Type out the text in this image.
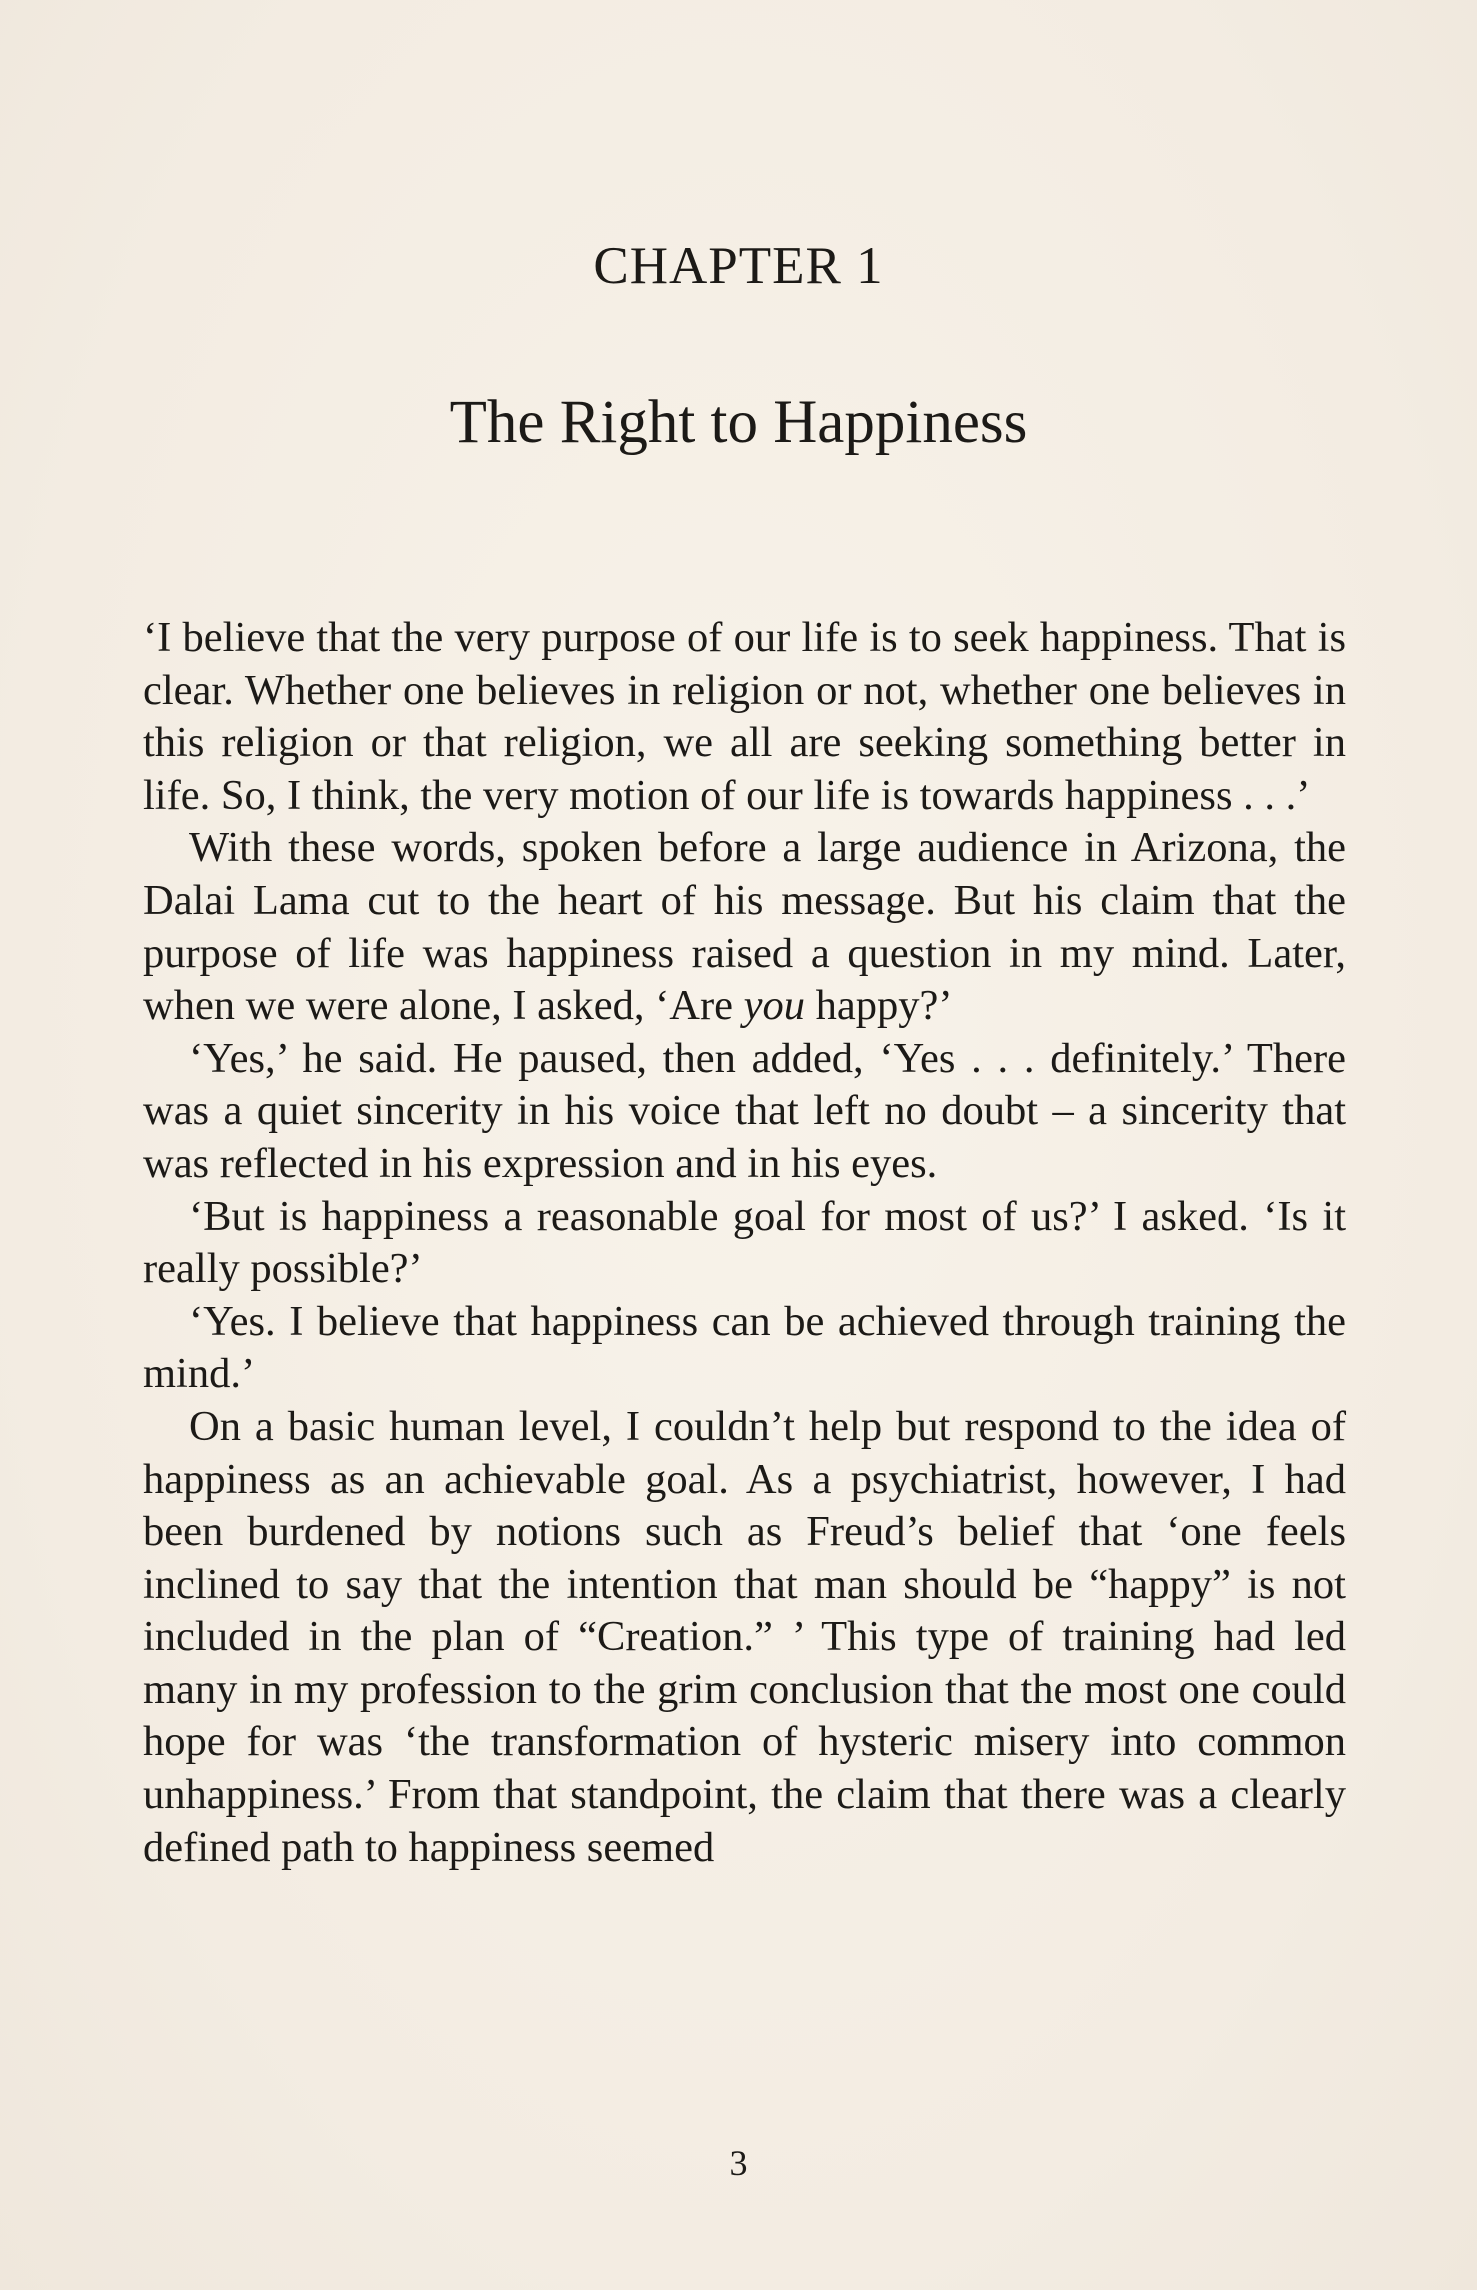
CHAPTER 1
The Right to Happiness

‘I believe that the very purpose of our life is to seek happiness. That is clear. Whether one believes in religion or not, whether one believes in this religion or that religion, we all are seeking something better in life. So, I think, the very motion of our life is towards happiness . . .’

With these words, spoken before a large audience in Arizona, the Dalai Lama cut to the heart of his message. But his claim that the purpose of life was happiness raised a question in my mind. Later, when we were alone, I asked, ‘Are you happy?’

‘Yes,’ he said. He paused, then added, ‘Yes . . . definitely.’ There was a quiet sincerity in his voice that left no doubt – a sincerity that was reflected in his expression and in his eyes.

‘But is happiness a reasonable goal for most of us?’ I asked. ‘Is it really possible?’

‘Yes. I believe that happiness can be achieved through training the mind.’

On a basic human level, I couldn’t help but respond to the idea of happiness as an achievable goal. As a psychiatrist, however, I had been burdened by notions such as Freud’s belief that ‘one feels inclined to say that the intention that man should be “happy” is not included in the plan of “Creation.” ’ This type of training had led many in my profession to the grim conclusion that the most one could hope for was ‘the transformation of hysteric misery into common unhappiness.’ From that standpoint, the claim that there was a clearly defined path to happiness seemed

3
